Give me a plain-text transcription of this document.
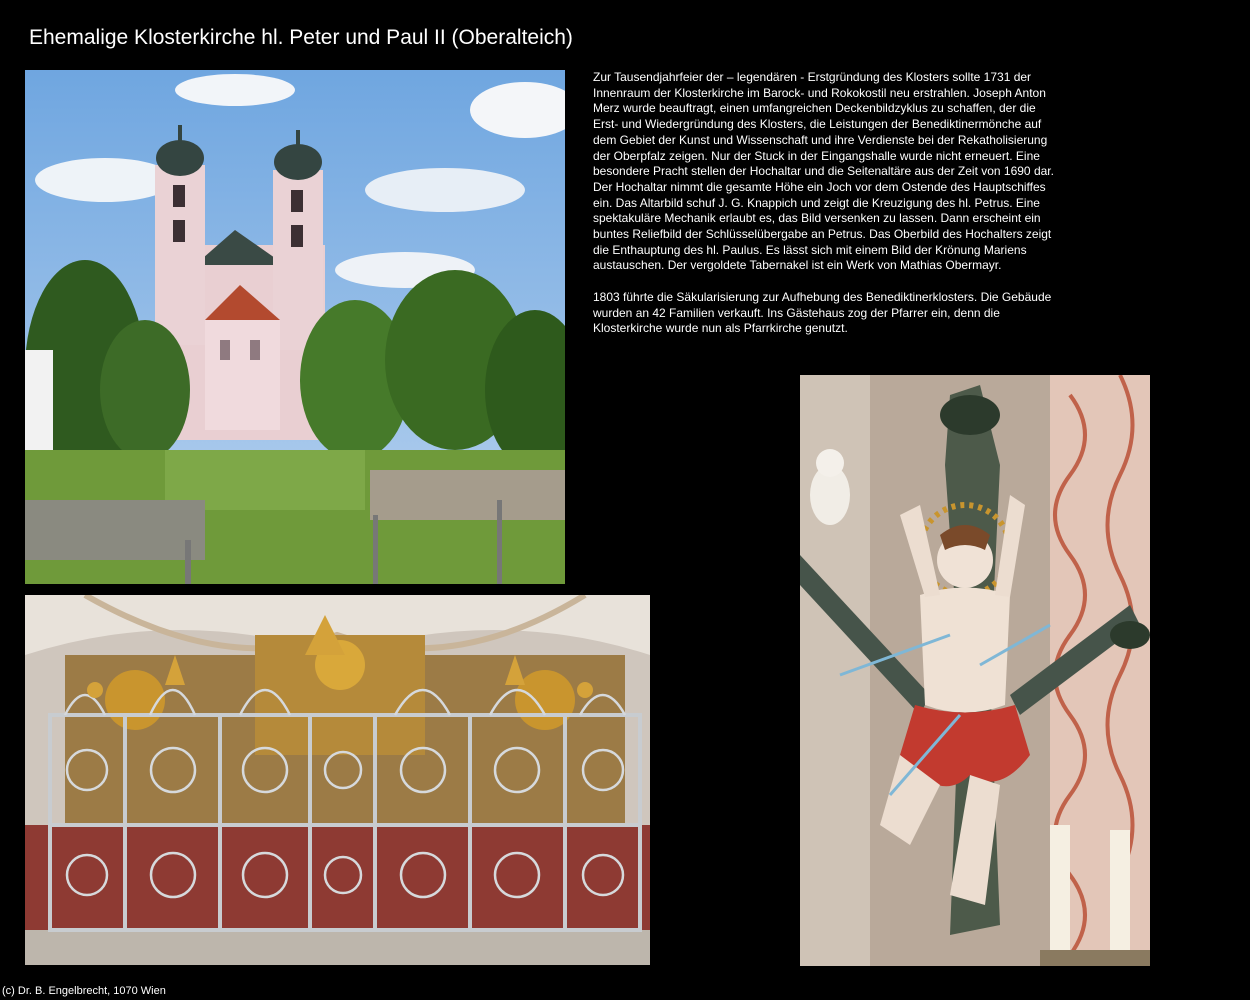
Ehemalige Klosterkirche hl. Peter und Paul II (Oberalteich)

Zur Tausendjahrfeier der – legendären - Erstgründung des Klosters sollte 1731 der Innenraum der Klosterkirche im Barock- und Rokokostil neu erstrahlen. Joseph Anton Merz wurde beauftragt, einen umfangreichen Deckenbildzyklus zu schaffen, der die Erst- und Wiedergründung des Klosters, die Leistungen der Benediktinermönche auf dem Gebiet der Kunst und Wissenschaft und ihre Verdienste bei der Rekatholisierung der Oberpfalz zeigen. Nur der Stuck in der Eingangshalle wurde nicht erneuert. Eine besondere Pracht stellen der Hochaltar und die Seitenaltäre aus der Zeit von 1690 dar. Der Hochaltar nimmt die gesamte Höhe ein Joch vor dem Ostende des Hauptschiffes ein. Das Altarbild schuf J. G. Knappich und zeigt die Kreuzigung des hl. Petrus. Eine spektakuläre Mechanik erlaubt es, das Bild versenken zu lassen. Dann erscheint ein buntes Reliefbild der Schlüsselübergabe an Petrus. Das Oberbild des Hochalters zeigt die Enthauptung des hl. Paulus. Es lässt sich mit einem Bild der Krönung Mariens austauschen. Der vergoldete Tabernakel ist ein Werk von Mathias Obermayr.

1803 führte die Säkularisierung zur Aufhebung des Benediktinerklosters. Die Gebäude wurden an 42 Familien verkauft. Ins Gästehaus zog der Pfarrer ein, denn die Klosterkirche wurde nun als Pfarrkirche genutzt.

(c) Dr. B. Engelbrecht, 1070 Wien
